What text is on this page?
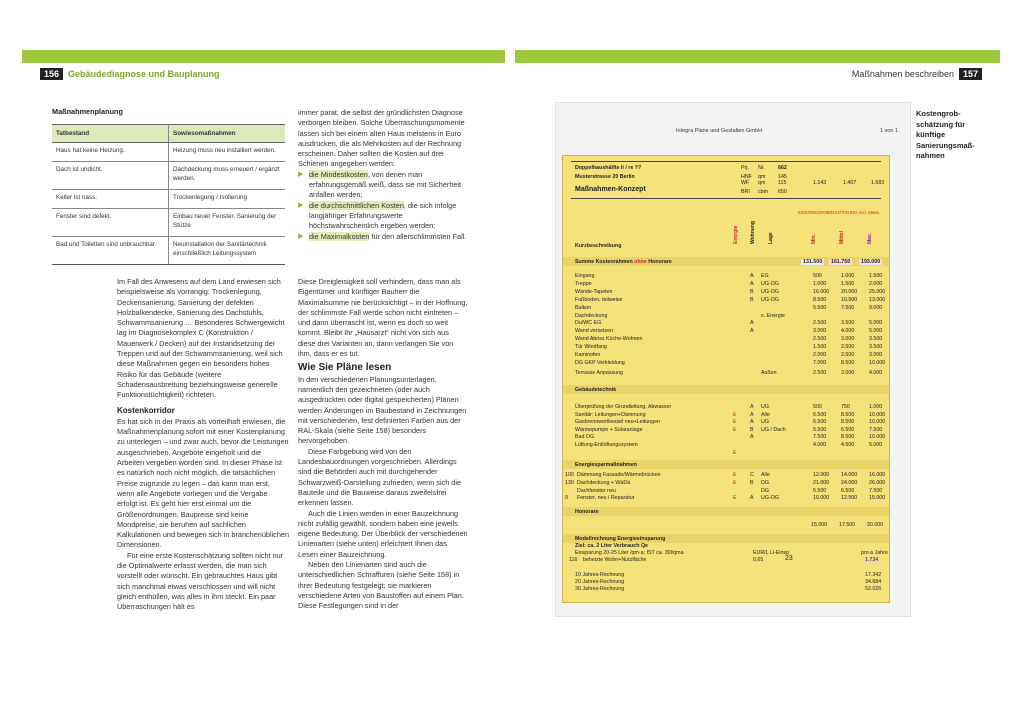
156	Gebäudediagnose und Bauplanung	Maßnahmen beschreiben	157
Maßnahmenplanung
Tatbestand	Sowiesomaßnahmen
Haus hat keine Heizung.	Heizung muss neu installiert werden.
Dach ist undicht.	Dachdeckung muss erneuert / ergänzt werden.
Keller ist nass.	Trockenlegung / Isolierung
Fenster sind defekt.	Einbau neuer Fenster, Sanierung der Stütze
Bad und Toiletten sind unbrauchbar.	Neuinstallation der Sanitärtechnik einschließlich Leitungssystem

Im Fall des Anwesens auf dem Land erwiesen sich beispielsweise als vorrangig: Trockenlegung, Deckensanierung, Sanierung der defekten Holzbalkendecke, Sanierung des Dachstuhls, Schwammsanierung … Besonderes Schwergewicht lag im Diagnosekomplex C (Konstruktion / Mauerwerk / Decken) auf der Instandsetzung der Treppen und auf der Schwammsanierung, weil sich diese Maßnahmen gegen ein besonders hohes Risiko für das Gebäude (weitere Schadensausbreitung beziehungsweise generelle Funktionstüchtigkeit) richteten.

Kostenkorridor

Es hat sich in der Praxis als vorteilhaft erwiesen, die Maßnahmenplanung sofort mit einer Kostenplanung zu unterlegen – und zwar auch, bevor die Leistungen ausgeschrieben, Angebote eingeholt und die Arbeiten vergeben worden sind. In dieser Phase ist es natürlich noch nicht möglich, die tatsächlichen Preise zugrunde zu legen – das kann man erst, wenn alle Angebote vorliegen und die Vergabe erfolgt ist. Es geht hier erst einmal um die Größenordnungen. Baupreise sind keine Mondpreise, sie beruhen auf sachlichen Kalkulationen und bewegen sich in branchenüblichen Dimensionen.

Für eine erste Kostenschätzung sollten nicht nur die Optimalwerte erfasst werden, die man sich vorstellt oder wünscht. Ein gebrauchtes Haus gibt sich manchmal etwas verschlossen und will nicht gleich enthüllen, was alles in ihm steckt. Ein paar Überraschungen hält es

immer parat, die selbst der gründlichsten Diagnose verborgen bleiben. Solche Überraschungsmomente lassen sich bei einem alten Haus meistens in Euro ausdrücken, die als Mehrkosten auf der Rechnung erscheinen. Daher sollten die Kosten auf drei Schienen angegeben werden:

▶ die Mindestkosten, von denen man erfahrungsgemäß weiß, dass sie mit Sicherheit anfallen werden;
▶ die durchschnittlichen Kosten, die sich infolge langjähriger Erfahrungswerte höchstwahrscheinlich ergeben werden;
▶ die Maximalkosten für den allerschlimmsten Fall.

Diese Dreigleisigkeit soll verhindern, dass man als Eigentümer und künftiger Bauherr die Maximalsumme nie berücksichtigt – in der Hoffnung, der schlimmste Fall werde schon nicht eintreten – und dann überrascht ist, wenn es doch so weit kommt. Bleibt Ihr „Hausarzt“ nicht von sich aus diese drei Varianten an, dann verlangen Sie von ihm, dass er es tut.

Wie Sie Pläne lesen

In den verschiedenen Planungsunterlagen, namentlich den gezeichneten (oder auch ausgedruckten oder digital gespeicherten) Plänen werden Änderungen im Baubestand in Zeichnungen mit verschiedenen, fest definierten Farben aus der RAL-Skala (siehe Seite 158) besonders hervorgehoben.

Diese Farbgebung wird von den Landesbauordnungen vorgeschrieben. Allerdings sind die Behörden auch mit durchgehender Schwarzweiß-Darstellung zufrieden, wenn sich die Bauteile und die Bauweise daraus zweifelsfrei erkennen lassen.

Auch die Linien werden in einer Bauzeichnung nicht zufällig gewählt, sondern haben eine jeweils eigene Bedeutung. Der Überblick der verschiedenen Linienarten (siehe unten) erleichtert Ihnen das Lesen einer Bauzeichnung.

Neben den Linienarten sind auch die unterschiedlichen Schraffuren (siehe Seite 158) in ihrer Bedeutung festgelegt; sie markieren verschiedene Arten von Baustoffen auf einem Plan. Diese Festlegungen sind in der

Integra Plane und Gestalten GmbH	1 von 1
Doppelhaushälfte li / re ??	Prj. Nr. 662
Musterstrasse 20 Berlin	HNF qm 145
WF qm 115	1.143	1.407	1.683
Maßnahmen-Konzept	BRI cbm 650
KOSTENGROBSCHÄTZUNG incl. Mwst.
Energie Wohnung Lage	Min.	Mittel	Max.
Kurzbeschreibung
Summe Kostenrahmen ohne Honorare	131.500	161.750	193.000
Terrasse Anpassung	Außen	2.500	3.000	4.000
Gebäudetechnik
E
Energiesparmaßnahmen
Honorare
15.000 17.500 20.000
Modellrechnung Energieeinsparung
Ziel: ca. 2 Liter Verbrauch Qe
Einsparung 20-25 Liter /qm·a; IST ca. 30l/qma	EUR/L Li-Einsp	pro a Jahre
116 beheizte Wohn+Nutzfläche	0,65	23	1.734
10 Jahres-Rechnung	17.342
20 Jahres-Rechnung	34.684
30 Jahres-Rechnung	52.026
Eingang	A EG	500	1.000	1.500
Treppe	A UG-OG	1.000	1.500	2.000
Wände-Tapeten	B UG-OG	16.000 20.000 25.000
Fußboden, teilweise	B UG-OG	8.500	10.500 13.000
Balkon	5.500	7.500	9.000
Dachdeckung	s. Energie
Du/WC EG	A	2.500	3.500	5.000
Wand versetzen	A	3.000	4.000	5.000
Wand Abriss Küche-Wohnen	2.500	3.000	3.500
Tür Windfang	1.500	2.500	3.500
Kaminofen	2.000	2.500	3.000
DG GKP Verkleidung	7.000	8.500	10.000
Überprüfung der Grundleitung, Abwasser	A UG	500	750	1.000
Sanitär: Leitungen+Dämmung	E	A Alle	6.500	8.500	10.000
Gasbrennwertkessel neu+Leitungen	E	A UG	6.500	8.500	10.000
Wärmepumpe + Solaranlage	E	B UG / Dach	5.500	6.500	7.500
Bad OG	A	7.500	8.500	10.000
Lüftung-Entlüftungssystem	4.000	4.500	5.000
100 Dämmung Fassade/Wärmebrücken	E	C Alle	12.000 14.000 16.000
130 Dachdeckung + WäDä	E	B DG	21.000 24.000 26.000
Dachfenster neu	DG	5.500	6.500	7.500
9 Fenster, neu / Reparatur	E	A UG-OG	10.000 12.500 15.000
Kostengrob-schätzung für künftige Sanierungsmaß-nahmen
